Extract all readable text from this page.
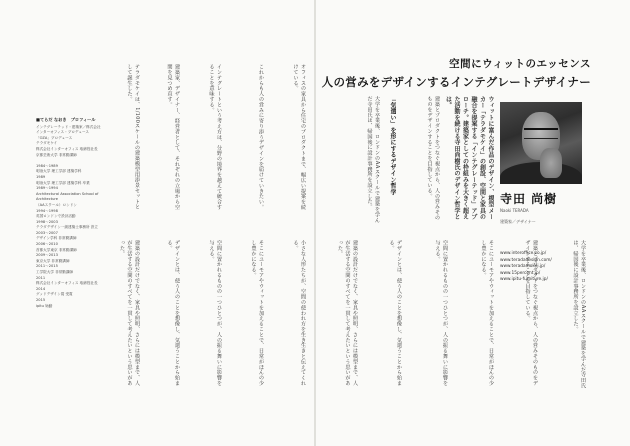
オフィスの家具から住宅のプロダクトまで、幅広い提案を続けている。
これからも人の営みに寄り添うデザインを届けていきたい。
インテグレートという考え方は、分野の境界を越えて統合することを意味する。
建築家、デザイナー、経営者として、それぞれの立場から空間を見つめ直す。
テラダモケイは、1/100スケールの建築模型用添景セットとして誕生した。
小さな人形たちが、空間の使われ方を生き生きと伝えてくれる。
そこにユーモアやウィットを加えることで、日常がほんの少し豊かになる。
空間に置かれるものの一つひとつが、人の振る舞いに影響を与える。
デザインとは、使う人のことを想像し、気遣うことから始まる。
建築の設計だけでなく、家具や照明、さらには模型まで、人が生活する空間のすべてを一貫して考えたいという思いがあった。
■てらだ なおき　プロフィール
インテグレーテッド・建築家／株式会社
インターオフィス・プロデュース
「OZA」プロデュース
テラダモケイ
株式会社インターオフィス 取締役社長
京都芸術大学 非常勤講師

1984〜1989
明治大学 理工学部 建築学科
1989
明治大学 理工学部 建築学科 卒業
1989〜1994
Architectural Association School of Architecture
（AAスクール）ロンドン
1994〜1998
英国ロンドンで設計活動
1998〜2003
テラダデザイン一級建築士事務所 設立
2003〜2007
デザイン学科 非常勤講師
2006〜2010
首都大学東京 非常勤講師
2009〜2013
東京大学 非常勤講師
2011〜2015
工学院大学 非常勤講師
2011
株式会社インターオフィス 取締役社長
2014
グッドデザイン賞 受賞
2015
ipitu 始動
空間にウィットのエッセンス
人の営みをデザインするインテグレートデザイナー
ウィットに富んだ作品のデザイン、模型メーカー「テラダモケイ」の創設、空間と家具の融合を提案する「インテグレーテッド」アプローチ。建築家としての枠組みを大きく超えた活動を続ける寺田尚樹氏のデザイン哲学とは。
建築とプロダクトをつなぐ視点から、人の営みそのものをデザインすることを目指している。
「気遣い」を形にするデザイン哲学
大学を卒業後、ロンドンのAAスクールで建築を学んだ寺田氏は、帰国後に設計事務所を設立した。	寺田 尚樹
Naoki TERADA
建築家／デザイナー
www.interoffice.co.jp/
www.teradadesign.com/
www.teradamokei.jp/
www.15percent.jp/
www.ipitu-furniture.jp/
そこにユーモアやウィットを加えることで、日常がほんの少し豊かになる。
空間に置かれるものの一つひとつが、人の振る舞いに影響を与える。
デザインとは、使う人のことを想像し、気遣うことから始まる。
建築の設計だけでなく、家具や照明、さらには模型まで、人が生活する空間のすべてを一貫して考えたいという思いがあった。	大学を卒業後、ロンドンのAAスクールで建築を学んだ寺田氏は、帰国後に設計事務所を設立した。
建築とプロダクトをつなぐ視点から、人の営みそのものをデザインすることを目指している。
